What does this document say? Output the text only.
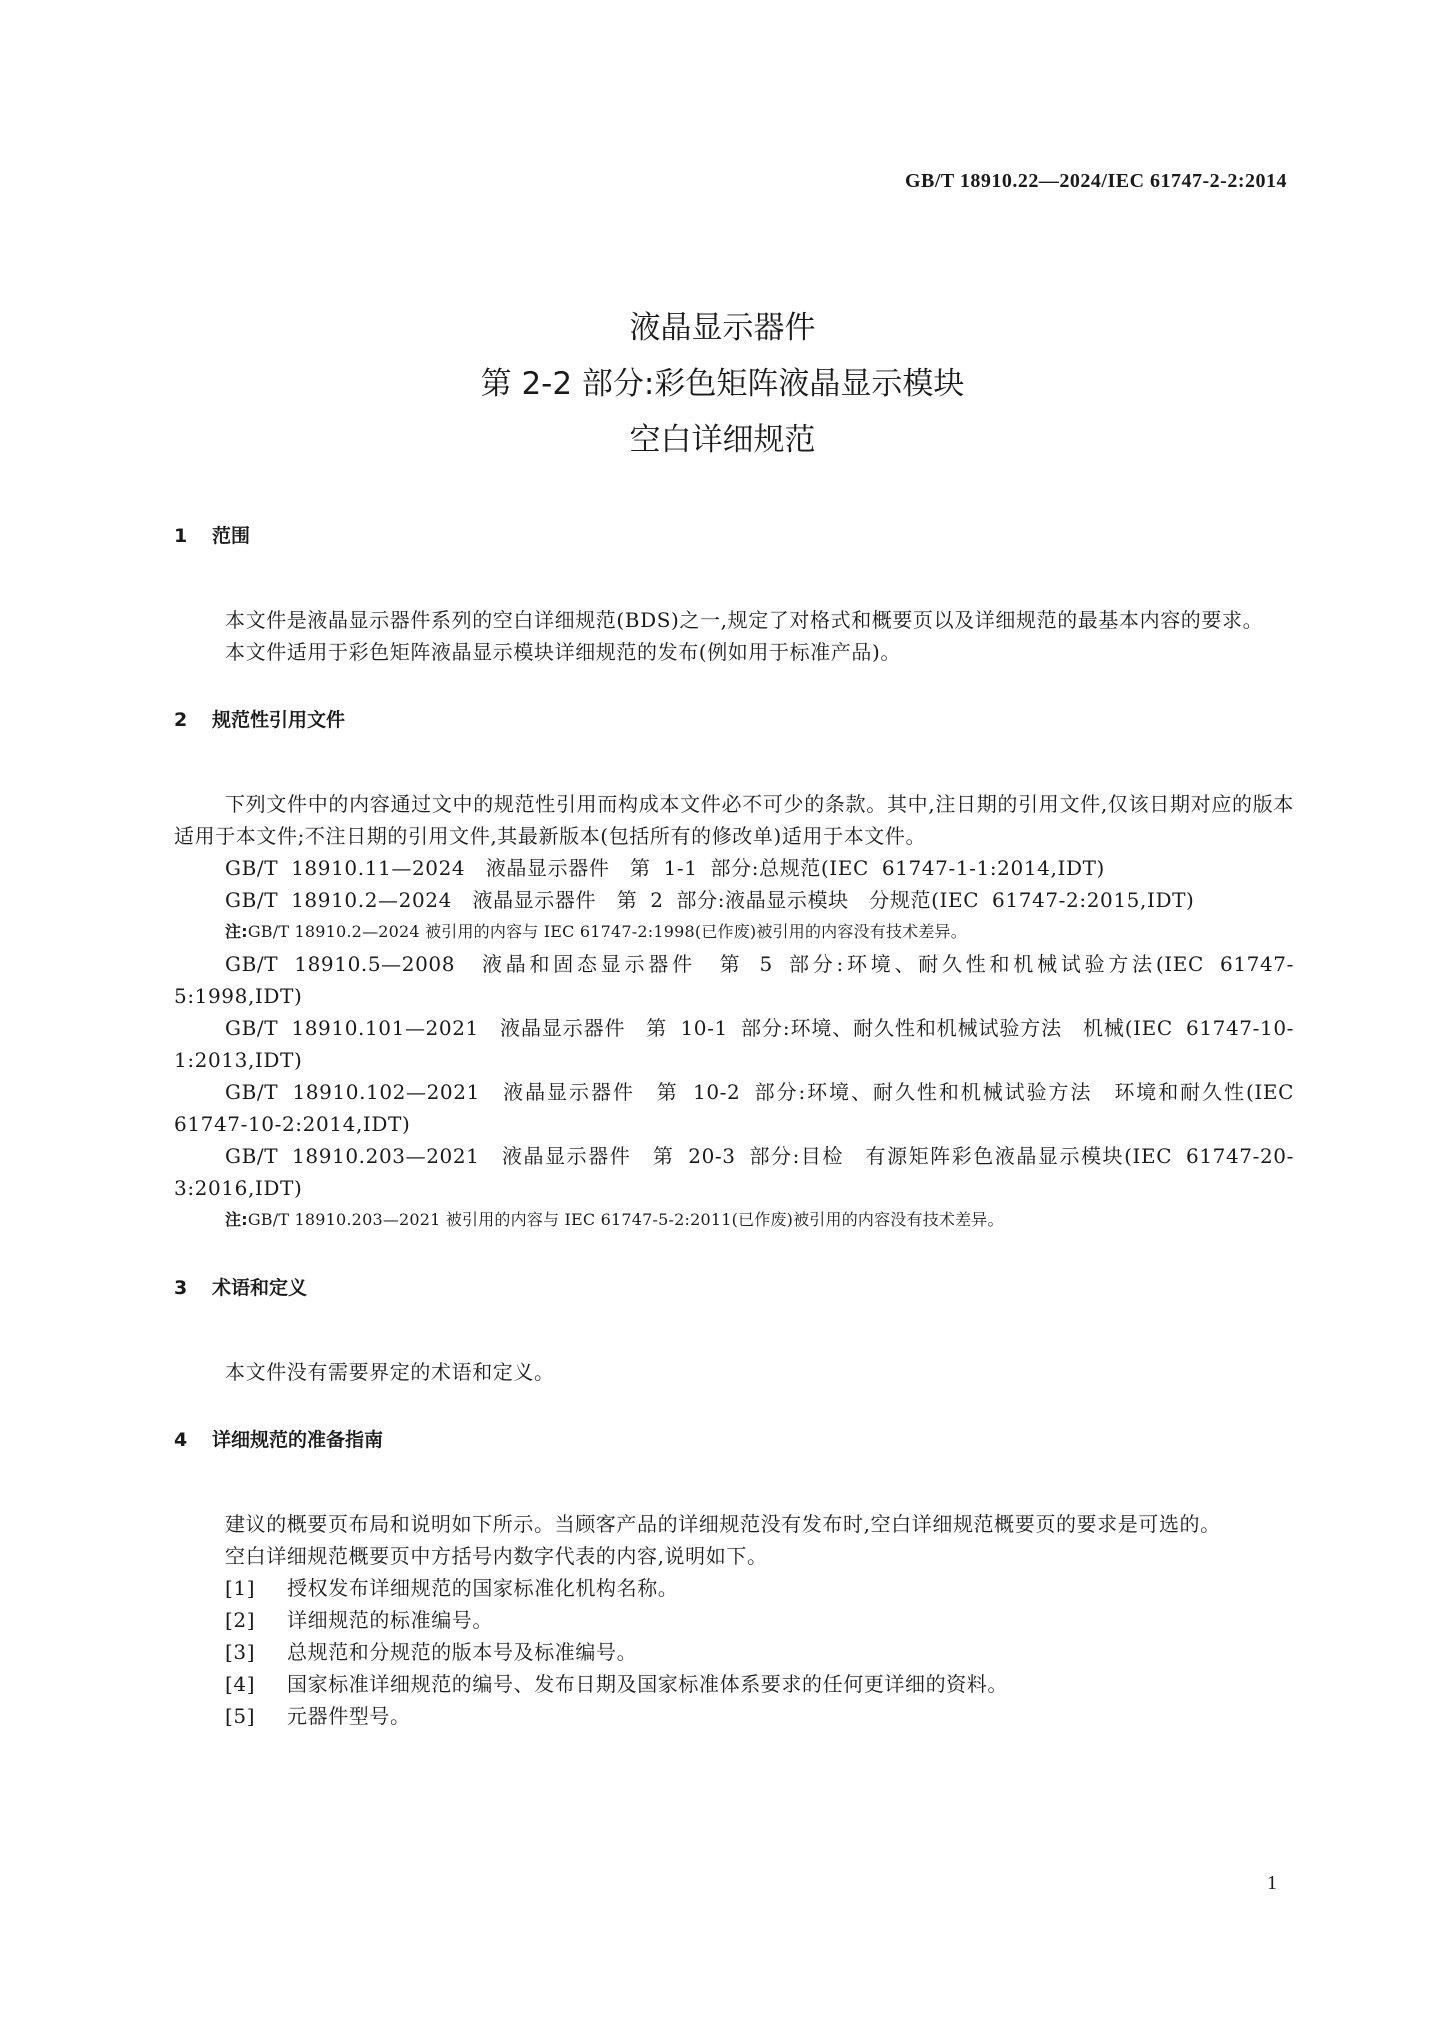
GB/T 18910.22—2024/IEC 61747-2-2:2014
液晶显示器件
第 2-2 部分:彩色矩阵液晶显示模块
空白详细规范
1 范围
本文件是液晶显示器件系列的空白详细规范(BDS)之一,规定了对格式和概要页以及详细规范的最基本内容的要求。
本文件适用于彩色矩阵液晶显示模块详细规范的发布(例如用于标准产品)。
2 规范性引用文件
下列文件中的内容通过文中的规范性引用而构成本文件必不可少的条款。其中,注日期的引用文件,仅该日期对应的版本适用于本文件;不注日期的引用文件,其最新版本(包括所有的修改单)适用于本文件。
GB/T 18910.11—2024　液晶显示器件　第 1-1 部分:总规范(IEC 61747-1-1:2014,IDT)
GB/T 18910.2—2024　液晶显示器件　第 2 部分:液晶显示模块　分规范(IEC 61747-2:2015,IDT)
注:GB/T 18910.2—2024 被引用的内容与 IEC 61747-2:1998(已作废)被引用的内容没有技术差异。
GB/T 18910.5—2008　液晶和固态显示器件　第 5 部分:环境、耐久性和机械试验方法(IEC 61747-5:1998,IDT)
GB/T 18910.101—2021　液晶显示器件　第 10-1 部分:环境、耐久性和机械试验方法　机械(IEC 61747-10-1:2013,IDT)
GB/T 18910.102—2021　液晶显示器件　第 10-2 部分:环境、耐久性和机械试验方法　环境和耐久性(IEC 61747-10-2:2014,IDT)
GB/T 18910.203—2021　液晶显示器件　第 20-3 部分:目检　有源矩阵彩色液晶显示模块(IEC 61747-20-3:2016,IDT)
注:GB/T 18910.203—2021 被引用的内容与 IEC 61747-5-2:2011(已作废)被引用的内容没有技术差异。
3 术语和定义
本文件没有需要界定的术语和定义。
4 详细规范的准备指南
建议的概要页布局和说明如下所示。当顾客产品的详细规范没有发布时,空白详细规范概要页的要求是可选的。
空白详细规范概要页中方括号内数字代表的内容,说明如下。
[1] 授权发布详细规范的国家标准化机构名称。
[2] 详细规范的标准编号。
[3] 总规范和分规范的版本号及标准编号。
[4] 国家标准详细规范的编号、发布日期及国家标准体系要求的任何更详细的资料。
[5] 元器件型号。
1
